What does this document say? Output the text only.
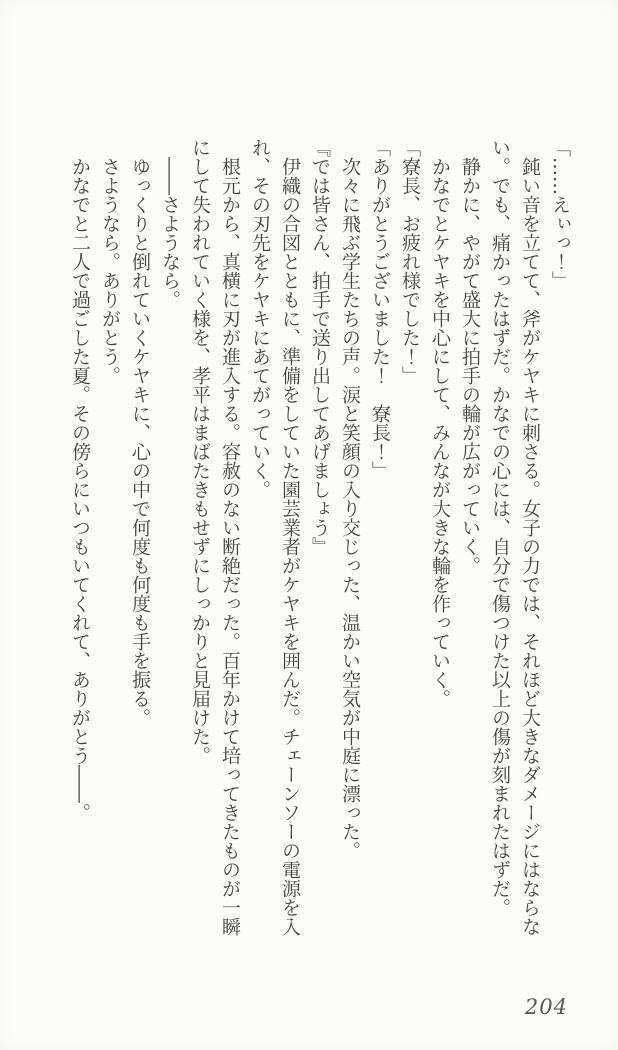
「……えぃっ！」

　鈍い音を立てて、斧がケヤキに刺さる。女子の力では、それほど大きなダメージにはならない。でも、痛かったはずだ。かなでの心には、自分で傷つけた以上の傷が刻まれたはずだ。

　静かに、やがて盛大に拍手の輪が広がっていく。

　かなでとケヤキを中心にして、みんなが大きな輪を作っていく。

「寮長、お疲れ様でした！」

「ありがとうございました！　寮長！」

　次々に飛ぶ学生たちの声。涙と笑顔の入り交じった、温かい空気が中庭に漂った。

『では皆さん、拍手で送り出してあげましょう』

　伊織の合図とともに、準備をしていた園芸業者がケヤキを囲んだ。チェーンソーの電源を入れ、その刃先をケヤキにあてがっていく。

　根元から、真横に刃が進入する。容赦のない断絶だった。百年かけて培ってきたものが一瞬にして失われていく様を、孝平はまばたきもせずにしっかりと見届けた。

　――さようなら。

　ゆっくりと倒れていくケヤキに、心の中で何度も何度も手を振る。

　さようなら。ありがとう。

　かなでと二人で過ごした夏。その傍らにいつもいてくれて、ありがとう――。

204
